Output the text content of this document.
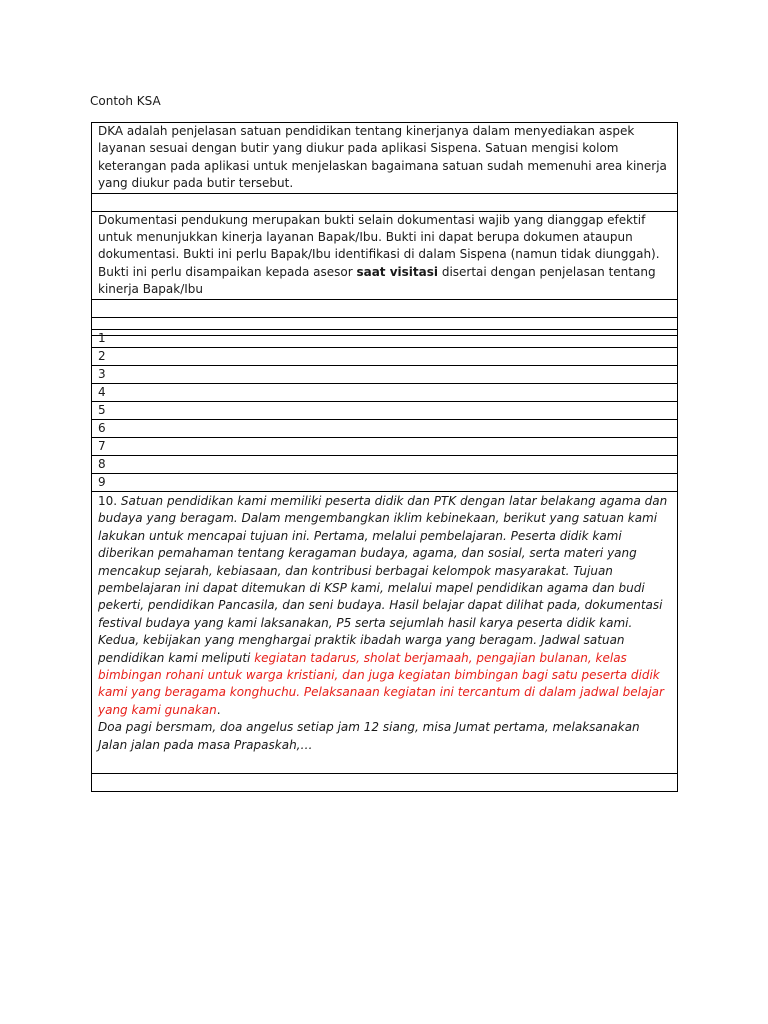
Contoh KSA
DKA adalah penjelasan satuan pendidikan tentang kinerjanya dalam menyediakan aspek layanan sesuai dengan butir yang diukur pada aplikasi Sispena. Satuan mengisi kolom keterangan pada aplikasi untuk menjelaskan bagaimana satuan sudah memenuhi area kinerja yang diukur pada butir tersebut.

Dokumentasi pendukung merupakan bukti selain dokumentasi wajib yang dianggap efektif untuk menunjukkan kinerja layanan Bapak/Ibu. Bukti ini dapat berupa dokumen ataupun dokumentasi. Bukti ini perlu Bapak/Ibu identifikasi di dalam Sispena (namun tidak diunggah). Bukti ini perlu disampaikan kepada asesor saat visitasi disertai dengan penjelasan tentang kinerja Bapak/Ibu

1
2
3
4
5
6
7
8
9
10. Satuan pendidikan kami memiliki peserta didik dan PTK dengan latar belakang agama dan budaya yang beragam. Dalam mengembangkan iklim kebinekaan, berikut yang satuan kami lakukan untuk mencapai tujuan ini. Pertama, melalui pembelajaran. Peserta didik kami diberikan pemahaman tentang keragaman budaya, agama, dan sosial, serta materi yang mencakup sejarah, kebiasaan, dan kontribusi berbagai kelompok masyarakat. Tujuan pembelajaran ini dapat ditemukan di KSP kami, melalui mapel pendidikan agama dan budi pekerti, pendidikan Pancasila, dan seni budaya. Hasil belajar dapat dilihat pada, dokumentasi festival budaya yang kami laksanakan, P5 serta sejumlah hasil karya peserta didik kami.
Kedua, kebijakan yang menghargai praktik ibadah warga yang beragam. Jadwal satuan pendidikan kami meliputi kegiatan tadarus, sholat berjamaah, pengajian bulanan, kelas bimbingan rohani untuk warga kristiani, dan juga kegiatan bimbingan bagi satu peserta didik kami yang beragama konghuchu. Pelaksanaan kegiatan ini tercantum di dalam jadwal belajar yang kami gunakan.
Doa pagi bersmam, doa angelus setiap jam 12 siang, misa Jumat pertama, melaksanakan Jalan jalan pada masa Prapaskah,…
